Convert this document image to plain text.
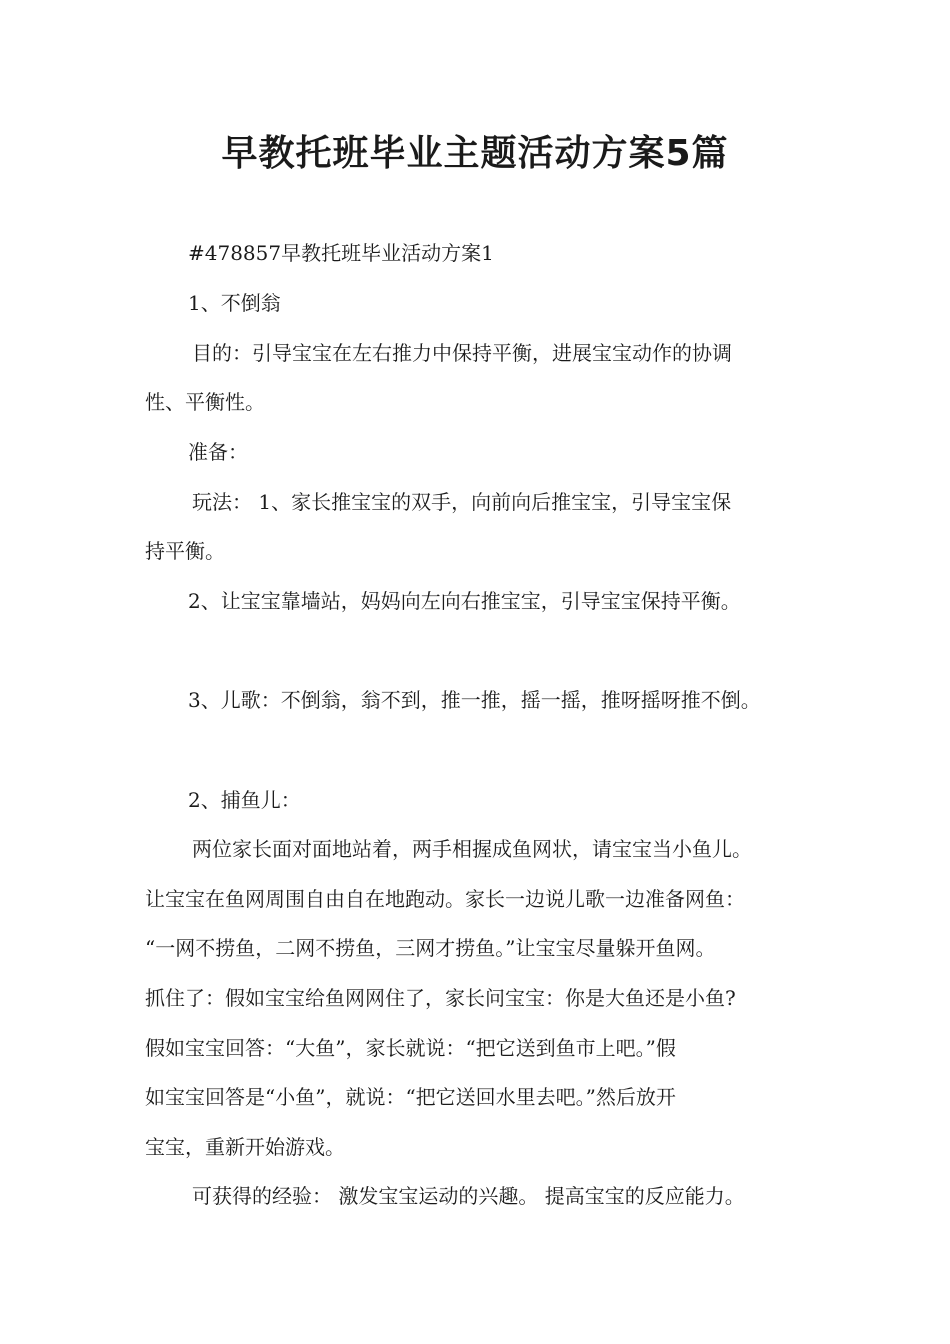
早教托班毕业主题活动方案5篇

#478857早教托班毕业活动方案1

1、不倒翁

目的：引导宝宝在左右推力中保持平衡，进展宝宝动作的协调

性、平衡性。

准备：

玩法： 1、家长推宝宝的双手，向前向后推宝宝，引导宝宝保

持平衡。

2、让宝宝靠墙站，妈妈向左向右推宝宝，引导宝宝保持平衡。

3、儿歌：不倒翁，翁不到，推一推，摇一摇，推呀摇呀推不倒。

2、捕鱼儿：

两位家长面对面地站着，两手相握成鱼网状，请宝宝当小鱼儿。

让宝宝在鱼网周围自由自在地跑动。家长一边说儿歌一边准备网鱼：

“一网不捞鱼，二网不捞鱼，三网才捞鱼。”让宝宝尽量躲开鱼网。

抓住了：假如宝宝给鱼网网住了，家长问宝宝：你是大鱼还是小鱼?

假如宝宝回答：“大鱼”，家长就说：“把它送到鱼市上吧。”假

如宝宝回答是“小鱼”，就说：“把它送回水里去吧。”然后放开

宝宝，重新开始游戏。

可获得的经验： 激发宝宝运动的兴趣。 提高宝宝的反应能力。
